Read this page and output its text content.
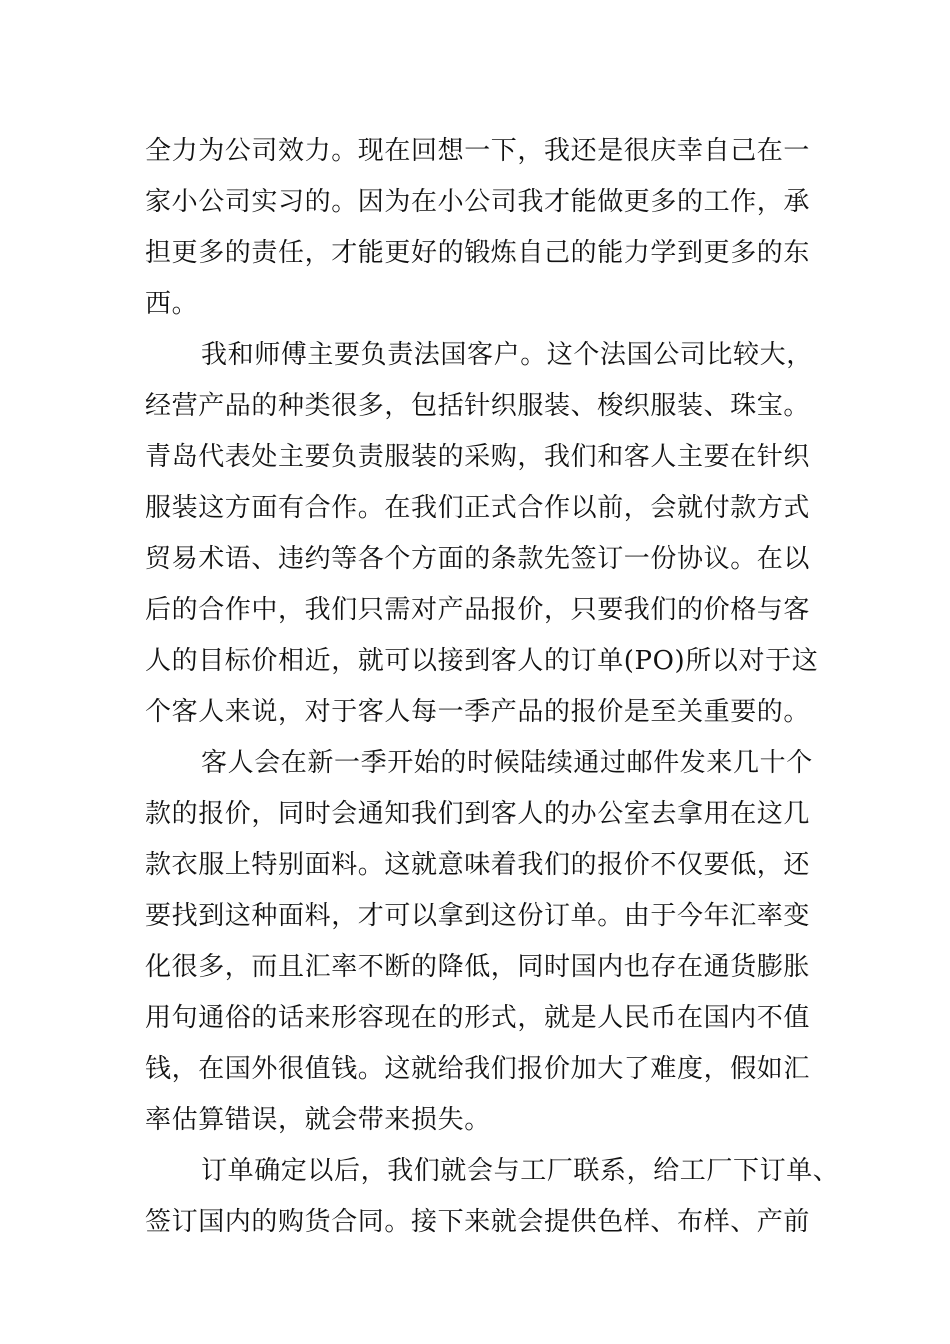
全力为公司效力。现在回想一下，我还是很庆幸自己在一
家小公司实习的。因为在小公司我才能做更多的工作，承
担更多的责任，才能更好的锻炼自己的能力学到更多的东
西。
我和师傅主要负责法国客户。这个法国公司比较大，
经营产品的种类很多，包括针织服装、梭织服装、珠宝。
青岛代表处主要负责服装的采购，我们和客人主要在针织
服装这方面有合作。在我们正式合作以前，会就付款方式
贸易术语、违约等各个方面的条款先签订一份协议。在以
后的合作中，我们只需对产品报价，只要我们的价格与客
人的目标价相近，就可以接到客人的订单(PO)所以对于这
个客人来说，对于客人每一季产品的报价是至关重要的。
客人会在新一季开始的时候陆续通过邮件发来几十个
款的报价，同时会通知我们到客人的办公室去拿用在这几
款衣服上特别面料。这就意味着我们的报价不仅要低，还
要找到这种面料，才可以拿到这份订单。由于今年汇率变
化很多，而且汇率不断的降低，同时国内也存在通货膨胀
用句通俗的话来形容现在的形式，就是人民币在国内不值
钱，在国外很值钱。这就给我们报价加大了难度，假如汇
率估算错误，就会带来损失。
订单确定以后，我们就会与工厂联系，给工厂下订单、
签订国内的购货合同。接下来就会提供色样、布样、产前
